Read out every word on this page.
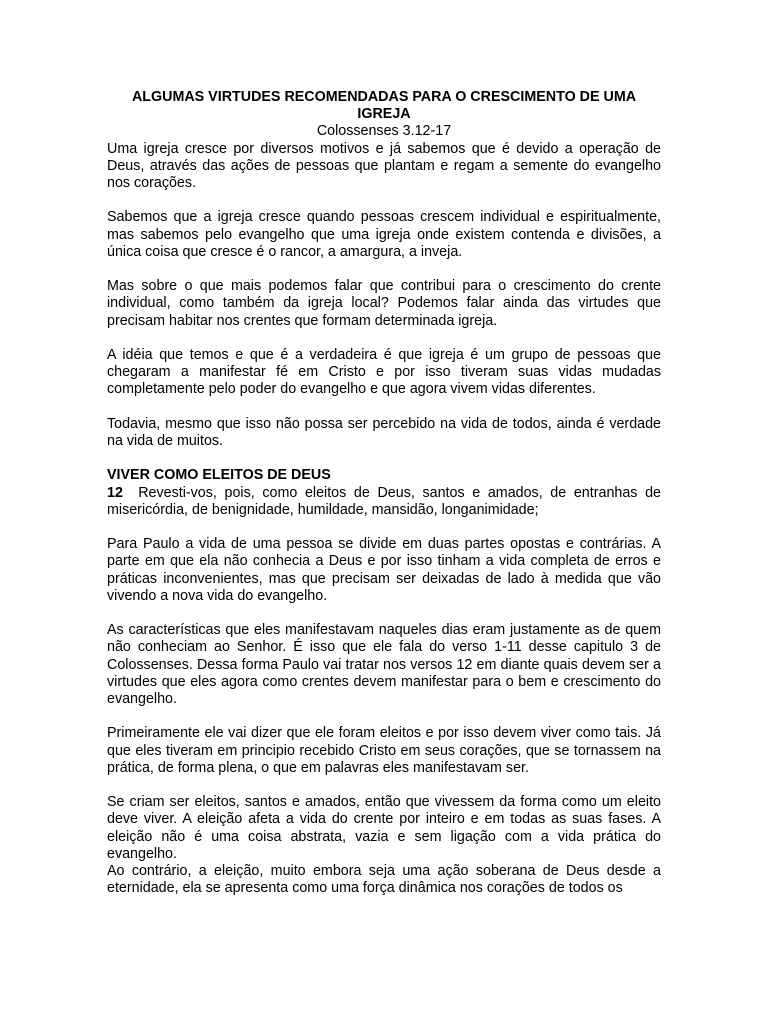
ALGUMAS VIRTUDES RECOMENDADAS PARA O CRESCIMENTO DE UMA IGREJA

Colossenses 3.12-17

Uma igreja cresce por diversos motivos e já sabemos que é devido a operação de Deus, através das ações de pessoas que plantam e regam a semente do evangelho nos corações.

Sabemos que a igreja cresce quando pessoas crescem individual e espiritualmente, mas sabemos pelo evangelho que uma igreja onde existem contenda e divisões, a única coisa que cresce é o rancor, a amargura, a inveja.

Mas sobre o que mais podemos falar que contribui para o crescimento do crente individual, como também da igreja local? Podemos falar ainda das virtudes que precisam habitar nos crentes que formam determinada igreja.

A idéia que temos e que é a verdadeira é que igreja é um grupo de pessoas que chegaram a manifestar fé em Cristo e por isso tiveram suas vidas mudadas completamente pelo poder do evangelho e que agora vivem vidas diferentes.

Todavia, mesmo que isso não possa ser percebido na vida de todos, ainda é verdade na vida de muitos.

VIVER COMO ELEITOS DE DEUS

12 Revesti-vos, pois, como eleitos de Deus, santos e amados, de entranhas de misericórdia, de benignidade, humildade, mansidão, longanimidade;

Para Paulo a vida de uma pessoa se divide em duas partes opostas e contrárias. A parte em que ela não conhecia a Deus e por isso tinham a vida completa de erros e práticas inconvenientes, mas que precisam ser deixadas de lado à medida que vão vivendo a nova vida do evangelho.

As características que eles manifestavam naqueles dias eram justamente as de quem não conheciam ao Senhor. É isso que ele fala do verso 1-11 desse capitulo 3 de Colossenses. Dessa forma Paulo vai tratar nos versos 12 em diante quais devem ser a virtudes que eles agora como crentes devem manifestar para o bem e crescimento do evangelho.

Primeiramente ele vai dizer que ele foram eleitos e por isso devem viver como tais. Já que eles tiveram em principio recebido Cristo em seus corações, que se tornassem na prática, de forma plena, o que em palavras eles manifestavam ser.

Se criam ser eleitos, santos e amados, então que vivessem da forma como um eleito deve viver. A eleição afeta a vida do crente por inteiro e em todas as suas fases. A eleição não é uma coisa abstrata, vazia e sem ligação com a vida prática do evangelho.

Ao contrário, a eleição, muito embora seja uma ação soberana de Deus desde a eternidade, ela se apresenta como uma força dinâmica nos corações de todos os
